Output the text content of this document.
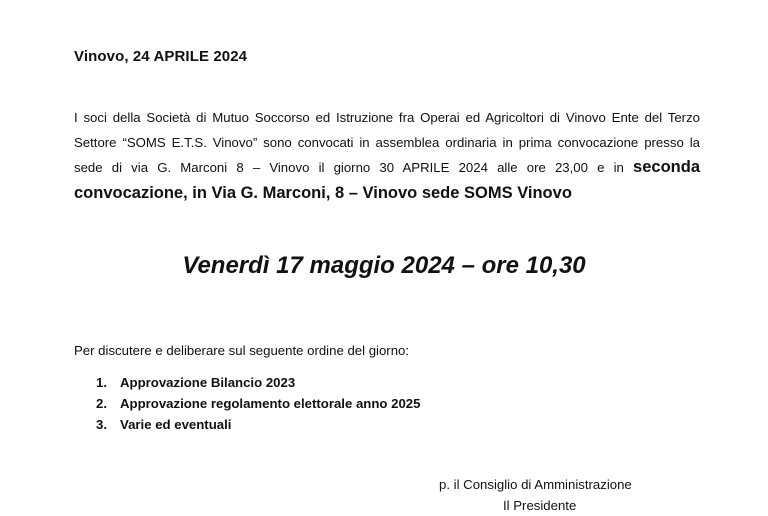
Vinovo, 24 APRILE 2024
I soci della Società di Mutuo Soccorso ed Istruzione fra Operai ed Agricoltori di Vinovo Ente del Terzo Settore “SOMS E.T.S. Vinovo” sono convocati in assemblea ordinaria in prima convocazione presso la sede di via G. Marconi 8 – Vinovo il giorno 30 APRILE 2024 alle ore 23,00 e in seconda convocazione, in Via G. Marconi, 8 – Vinovo sede SOMS Vinovo
Venerdì 17 maggio 2024 – ore 10,30
Per discutere e deliberare sul seguente ordine del giorno:
1. Approvazione Bilancio 2023
2. Approvazione regolamento elettorale anno 2025
3. Varie ed eventuali
p. il Consiglio di Amministrazione
Il Presidente
